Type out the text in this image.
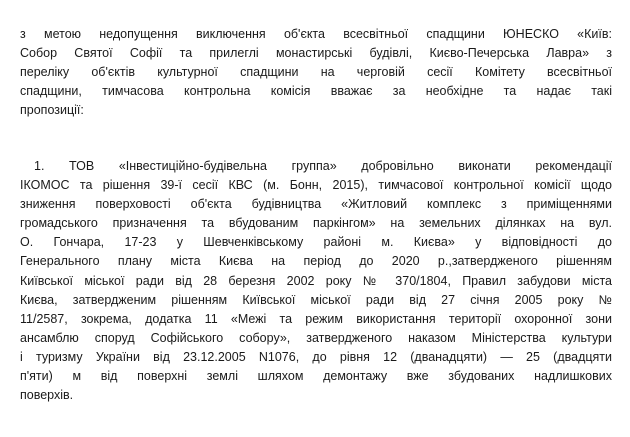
з метою недопущення виключення об'єкта всесвітньої спадщини ЮНЕСКО «Київ:
Собор Святої Софії та прилеглі монастирські будівлі, Києво-Печерська Лавра» з
переліку об'єктів культурної спадщини на черговій сесії Комітету всесвітньої
спадщини, тимчасова контрольна комісія вважає за необхідне та надає такі
пропозиції:
1. ТОВ «Інвестиційно-будівельна группа» добровільно виконати рекомендації
ІКОМОС та рішення 39-ї сесії КВС (м. Бонн, 2015), тимчасової контрольної комісії щодо
зниження поверховості об'єкта будівництва «Житловий комплекс з приміщеннями
громадського призначення та вбудованим паркінгом» на земельних ділянках на вул.
О. Гончара, 17-23 у Шевченківському районі м. Києва» у відповідності до
Генерального плану міста Києва на період до 2020 р.,затвердженого рішенням
Київської міської ради від 28 березня 2002 року № 370/1804, Правил забудови міста
Києва, затвердженим рішенням Київської міської ради від 27 січня 2005 року №
11/2587, зокрема, додатка 11 «Межі та режим використання території охоронної зони
ансамблю споруд Софійського собору», затвердженого наказом Міністерства культури
і туризму України від 23.12.2005 N1076, до рівня 12 (дванадцяти) — 25 (двадцяти
п'яти) м від поверхні землі шляхом демонтажу вже збудованих надлишкових
поверхів.
